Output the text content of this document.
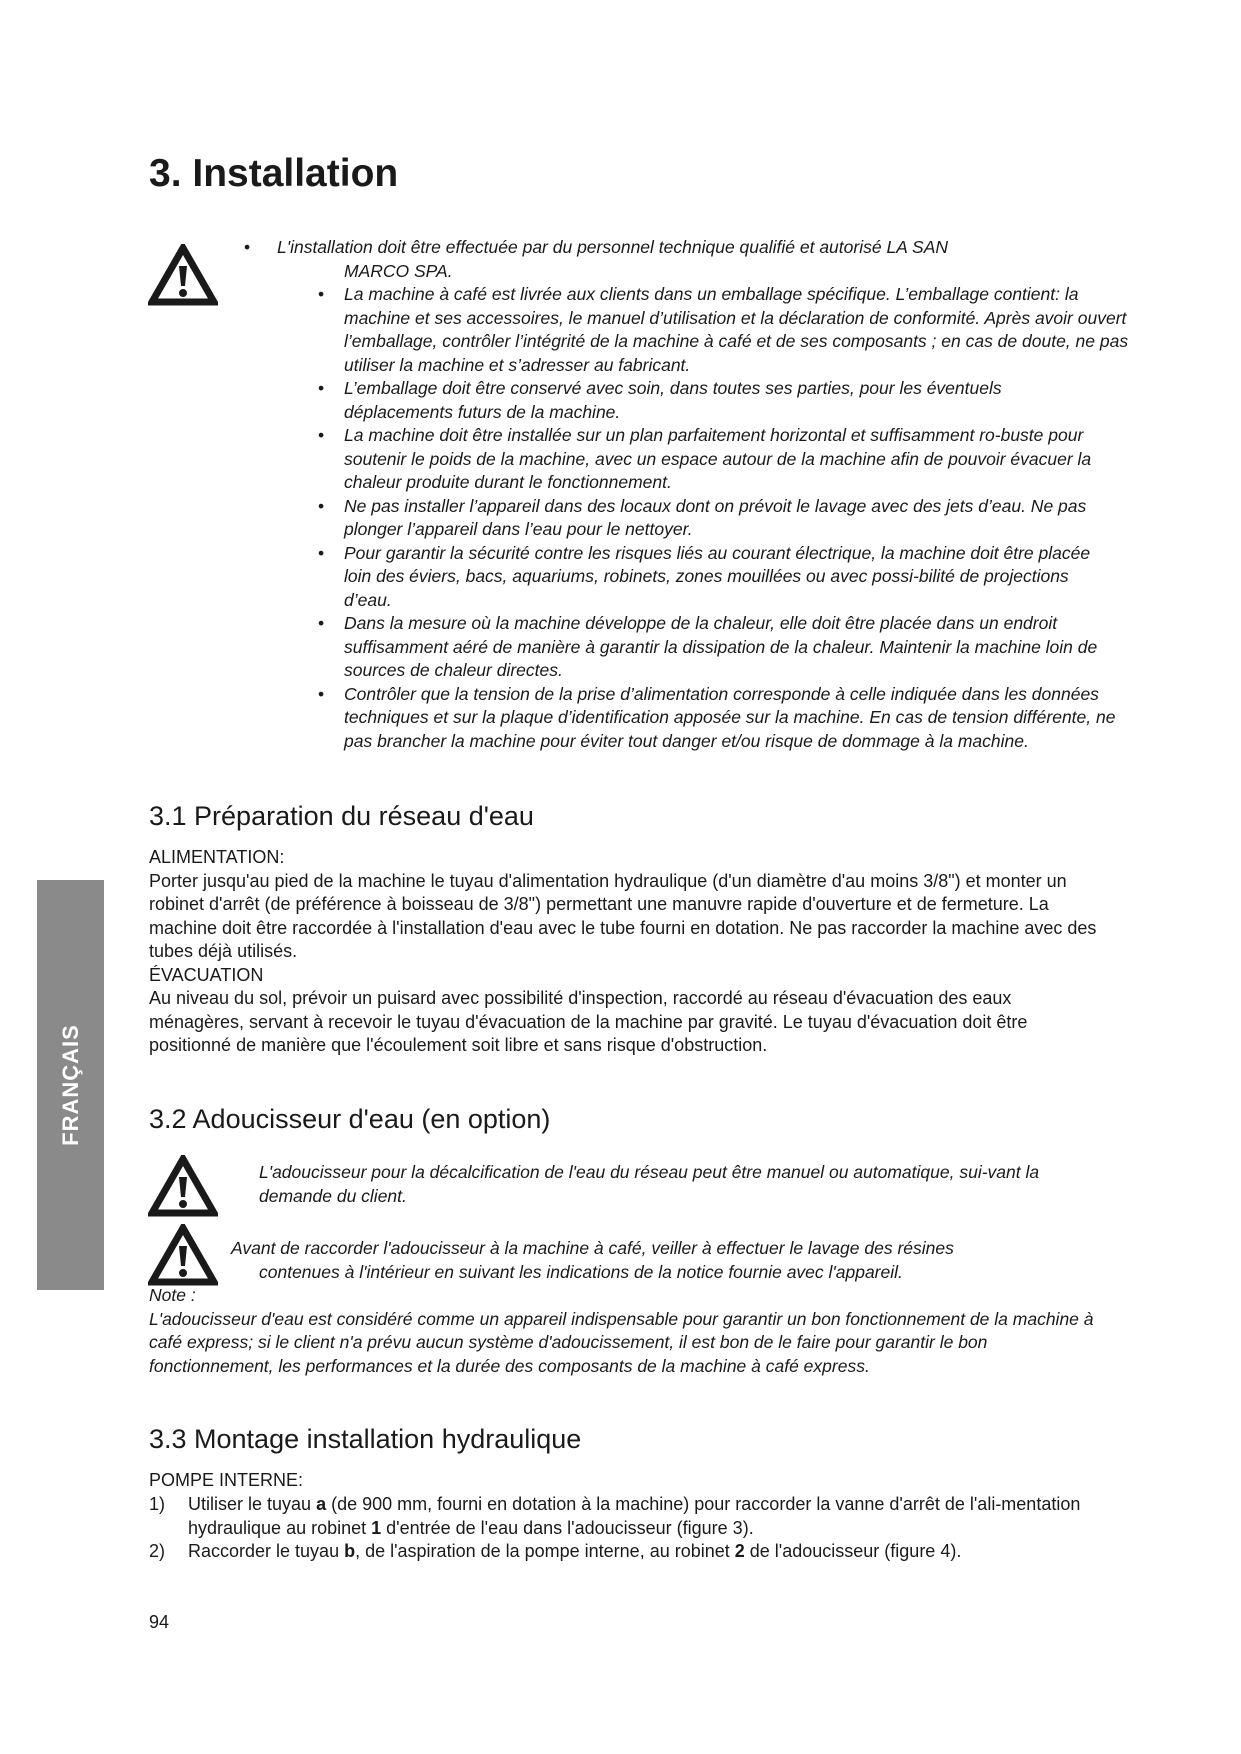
FRANÇAIS
3. Installation
• L'installation doit être effectuée par du personnel technique qualifié et autorisé LA SAN
MARCO SPA.
• La machine à café est livrée aux clients dans un emballage spécifique. L’emballage contient: la machine et ses accessoires, le manuel d’utilisation et la déclaration de conformité. Après avoir ouvert l’emballage, contrôler l’intégrité de la machine à café et de ses composants ; en cas de doute, ne pas utiliser la machine et s’adresser au fabricant.
• L’emballage doit être conservé avec soin, dans toutes ses parties, pour les éventuels déplacements futurs de la machine.
• La machine doit être installée sur un plan parfaitement horizontal et suffisamment ro-buste pour soutenir le poids de la machine, avec un espace autour de la machine afin de pouvoir évacuer la chaleur produite durant le fonctionnement.
• Ne pas installer l’appareil dans des locaux dont on prévoit le lavage avec des jets d’eau. Ne pas plonger l’appareil dans l’eau pour le nettoyer.
• Pour garantir la sécurité contre les risques liés au courant électrique, la machine doit être placée loin des éviers, bacs, aquariums, robinets, zones mouillées ou avec possi-bilité de projections d’eau.
• Dans la mesure où la machine développe de la chaleur, elle doit être placée dans un endroit suffisamment aéré de manière à garantir la dissipation de la chaleur. Maintenir la machine loin de sources de chaleur directes.
• Contrôler que la tension de la prise d’alimentation corresponde à celle indiquée dans les données techniques et sur la plaque d’identification apposée sur la machine. En cas de tension différente, ne pas brancher la machine pour éviter tout danger et/ou risque de dommage à la machine.
3.1 Préparation du réseau d'eau
ALIMENTATION:
Porter jusqu'au pied de la machine le tuyau d'alimentation hydraulique (d'un diamètre d'au moins 3/8") et monter un robinet d'arrêt (de préférence à boisseau de 3/8") permettant une manuvre rapide d'ouverture et de fermeture. La machine doit être raccordée à l'installation d'eau avec le tube fourni en dotation. Ne pas raccorder la machine avec des tubes déjà utilisés.
ÉVACUATION
Au niveau du sol, prévoir un puisard avec possibilité d'inspection, raccordé au réseau d'évacuation des eaux ménagères, servant à recevoir le tuyau d'évacuation de la machine par gravité. Le tuyau d'évacuation doit être positionné de manière que l'écoulement soit libre et sans risque d'obstruction.
3.2 Adoucisseur d'eau (en option)
L'adoucisseur pour la décalcification de l'eau du réseau peut être manuel ou automatique, sui-vant la demande du client.
Avant de raccorder l'adoucisseur à la machine à café, veiller à effectuer le lavage des résines
contenues à l'intérieur en suivant les indications de la notice fournie avec l'appareil.
Note :
L'adoucisseur d'eau est considéré comme un appareil indispensable pour garantir un bon fonctionnement de la machine à café express; si le client n'a prévu aucun système d'adoucissement, il est bon de le faire pour garantir le bon fonctionnement, les performances et la durée des composants de la machine à café express.
3.3 Montage installation hydraulique
POMPE INTERNE:
1) Utiliser le tuyau a (de 900 mm, fourni en dotation à la machine) pour raccorder la vanne d'arrêt de l'ali-mentation hydraulique au robinet 1 d'entrée de l'eau dans l'adoucisseur (figure 3).
2) Raccorder le tuyau b, de l'aspiration de la pompe interne, au robinet 2 de l'adoucisseur (figure 4).
94
